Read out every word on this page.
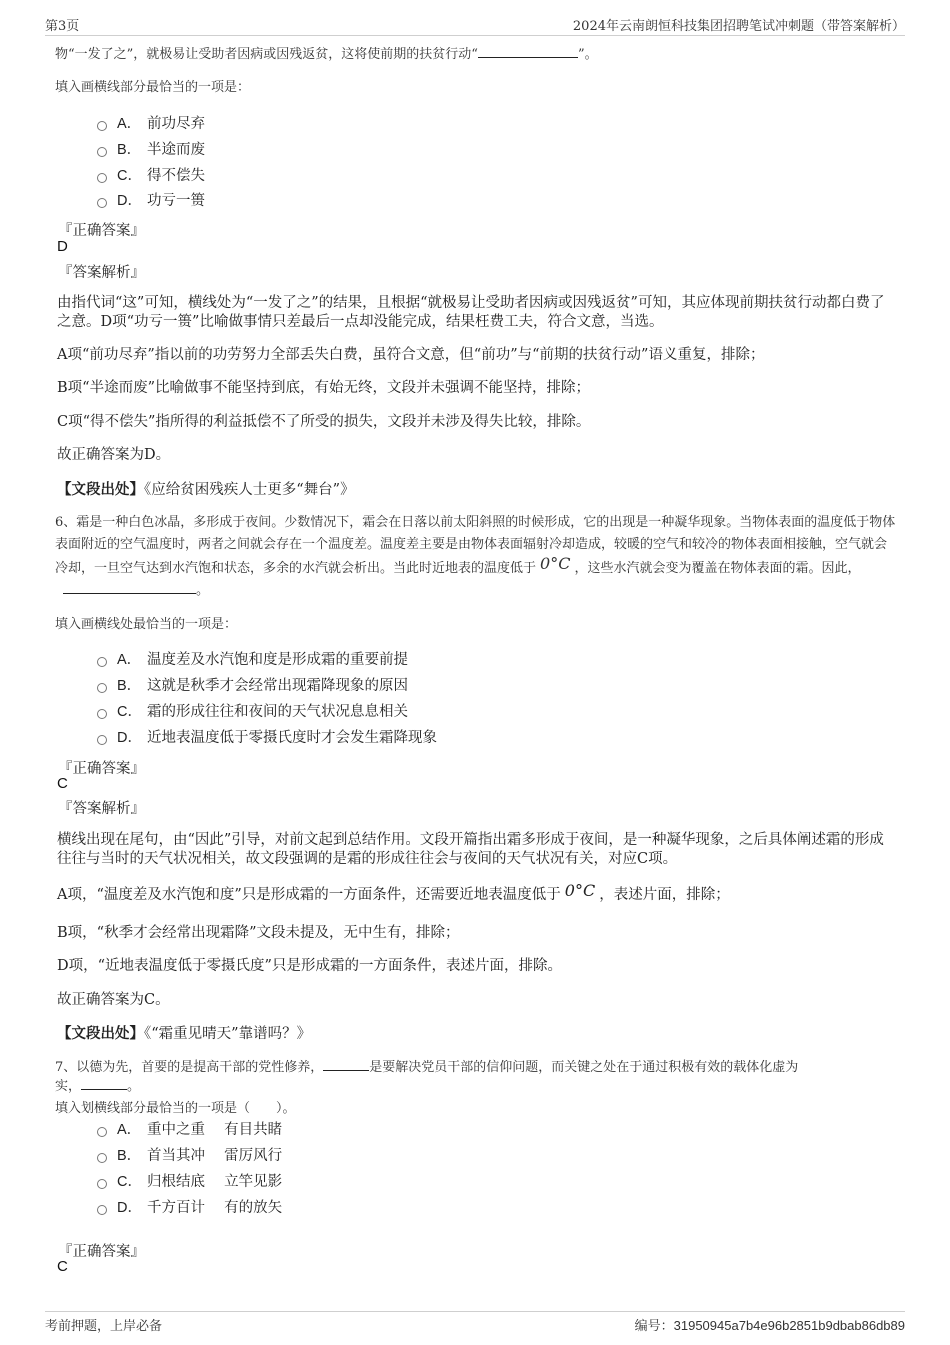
第3页	2024年云南朗恒科技集团招聘笔试冲刺题（带答案解析）
物“一发了之”，就极易让受助者因病或因残返贫，这将使前期的扶贫行动“	”。
填入画横线部分最恰当的一项是：
A． 前功尽弃
B． 半途而废
C． 得不偿失
D． 功亏一篑
『正确答案』
D
『答案解析』
由指代词“这”可知，横线处为“一发了之”的结果，且根据“就极易让受助者因病或因残返贫”可知，其应体现前期扶贫行动都白费了之意。D项“功亏一篑”比喻做事情只差最后一点却没能完成，结果枉费工夫，符合文意，当选。
A项“前功尽弃”指以前的功劳努力全部丢失白费，虽符合文意，但“前功”与“前期的扶贫行动”语义重复，排除；
B项“半途而废”比喻做事不能坚持到底，有始无终，文段并未强调不能坚持，排除；
C项“得不偿失”指所得的利益抵偿不了所受的损失，文段并未涉及得失比较，排除。
故正确答案为D。
【文段出处】《应给贫困残疾人士更多“舞台”》
6、霜是一种白色冰晶，多形成于夜间。少数情况下，霜会在日落以前太阳斜照的时候形成，它的出现是一种凝华现象。当物体表面的温度低于物体表面附近的空气温度时，两者之间就会存在一个温度差。温度差主要是由物体表面辐射冷却造成，较暖的空气和较冷的物体表面相接触，空气就会冷却，一旦空气达到水汽饱和状态，多余的水汽就会析出。当此时近地表的温度低于 0°C ，这些水汽就会变为覆盖在物体表面的霜。因此，。
填入画横线处最恰当的一项是：
A． 温度差及水汽饱和度是形成霜的重要前提
B． 这就是秋季才会经常出现霜降现象的原因
C． 霜的形成往往和夜间的天气状况息息相关
D． 近地表温度低于零摄氏度时才会发生霜降现象
『正确答案』
C
『答案解析』
横线出现在尾句，由“因此”引导，对前文起到总结作用。文段开篇指出霜多形成于夜间，是一种凝华现象，之后具体阐述霜的形成往往与当时的天气状况相关，故文段强调的是霜的形成往往会与夜间的天气状况有关，对应C项。
A项，“温度差及水汽饱和度”只是形成霜的一方面条件，还需要近地表温度低于 0°C ，表述片面，排除；
B项，“秋季才会经常出现霜降”文段未提及，无中生有，排除；
D项，“近地表温度低于零摄氏度”只是形成霜的一方面条件，表述片面，排除。
故正确答案为C。
【文段出处】《“霜重见晴天”靠谱吗？》
7、以德为先，首要的是提高干部的党性修养，	是要解决党员干部的信仰问题，而关键之处在于通过积极有效的载体化虚为
实，	。
填入划横线部分最恰当的一项是（　　）。
A． 重中之重　 有目共睹
B． 首当其冲　 雷厉风行
C． 归根结底　 立竿见影
D． 千方百计　 有的放矢
『正确答案』
C
考前押题，上岸必备	编号：31950945a7b4e96b2851b9dbab86db89
